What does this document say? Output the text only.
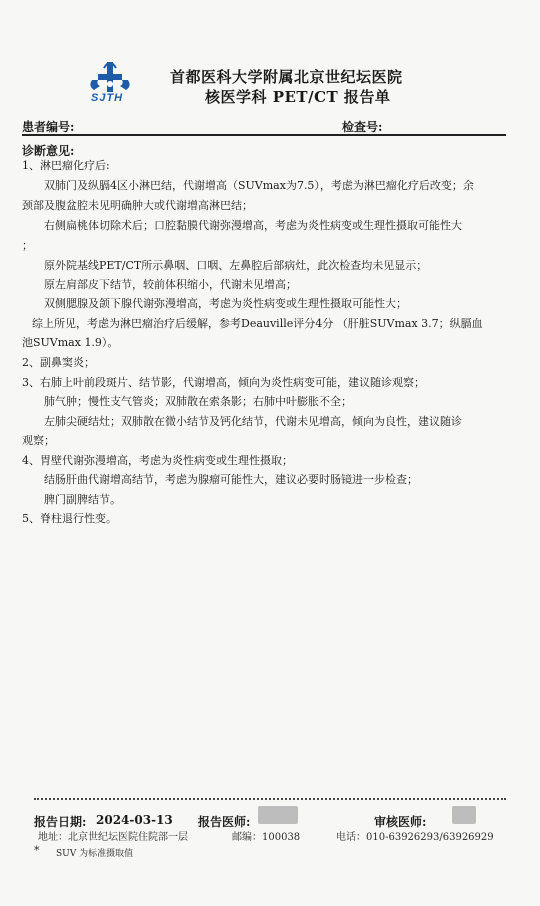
SJTH
首都医科大学附属北京世纪坛医院
核医学科 PET/CT 报告单
患者编号:	检查号:
诊断意见:
1、淋巴瘤化疗后:
双肺门及纵膈4区小淋巴结，代谢增高（SUVmax为7.5），考虑为淋巴瘤化疗后改变；余
颈部及腹盆腔未见明确肿大或代谢增高淋巴结；
右侧扁桃体切除术后；口腔黏膜代谢弥漫增高，考虑为炎性病变或生理性摄取可能性大
；
原外院基线PET/CT所示鼻咽、口咽、左鼻腔后部病灶，此次检查均未见显示；
原左肩部皮下结节，较前体积缩小，代谢未见增高；
双侧腮腺及颌下腺代谢弥漫增高，考虑为炎性病变或生理性摄取可能性大；
综上所见，考虑为淋巴瘤治疗后缓解，参考Deauville评分4分 （肝脏SUVmax 3.7；纵膈血
池SUVmax 1.9）。
2、副鼻窦炎；
3、右肺上叶前段斑片、结节影，代谢增高，倾向为炎性病变可能，建议随诊观察；
肺气肿；慢性支气管炎；双肺散在索条影；右肺中叶膨胀不全；
左肺尖硬结灶；双肺散在微小结节及钙化结节，代谢未见增高，倾向为良性，建议随诊
观察；
4、胃壁代谢弥漫增高，考虑为炎性病变或生理性摄取；
结肠肝曲代谢增高结节，考虑为腺瘤可能性大，建议必要时肠镜进一步检查；
脾门副脾结节。
5、脊柱退行性变。
报告日期: 2024-03-13 报告医师:	审核医师:
地址：北京世纪坛医院住院部一层	邮编：100038	电话：010-63926293/63926929
* SUV 为标准摄取值
